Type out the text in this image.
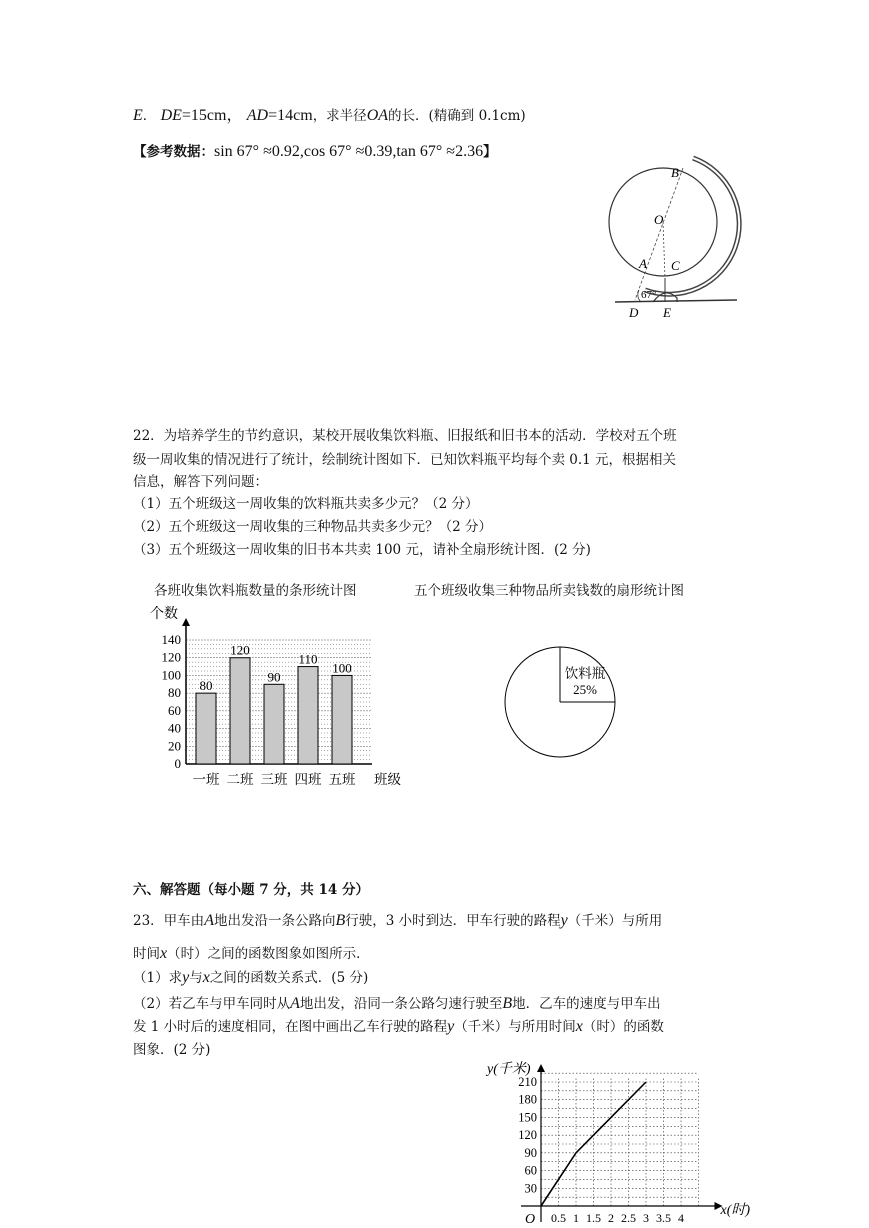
E． DE=15cm， AD=14cm，求半径OA的长．(精确到 0.1cm)
【参考数据：sin 67° ≈0.92,cos 67° ≈0.39,tan 67° ≈2.36】
B
O
A C
67°
D E
22．为培养学生的节约意识，某校开展收集饮料瓶、旧报纸和旧书本的活动．学校对五个班
级一周收集的情况进行了统计，绘制统计图如下．已知饮料瓶平均每个卖 0.1 元，根据相关
信息，解答下列问题：
（1）五个班级这一周收集的饮料瓶共卖多少元？（2 分）
（2）五个班级这一周收集的三种物品共卖多少元？（2 分）
（3）五个班级这一周收集的旧书本共卖 100 元，请补全扇形统计图．(2 分)
各班收集饮料瓶数量的条形统计图	五个班级收集三种物品所卖钱数的扇形统计图
0
20
40
60
80
100
120
140
个数
80
一班
120
二班
90
三班
110
四班
100
五班 班级
饮料瓶
25%
六、解答题（每小题 7 分，共 14 分）
23．甲车由A地出发沿一条公路向B行驶，3 小时到达．甲车行驶的路程y（千米）与所用
时间x（时）之间的函数图象如图所示．
（1）求y与x之间的函数关系式．(5 分)
（2）若乙车与甲车同时从A地出发，沿同一条公路匀速行驶至B地．乙车的速度与甲车出
发 1 小时后的速度相同，在图中画出乙车行驶的路程y（千米）与所用时间x（时）的函数
图象．(2 分)
30
60
90
120
150
180
210
0.5 1 1.5 2 2.5 3 3.5 4
O
y(千米)
x(时)
